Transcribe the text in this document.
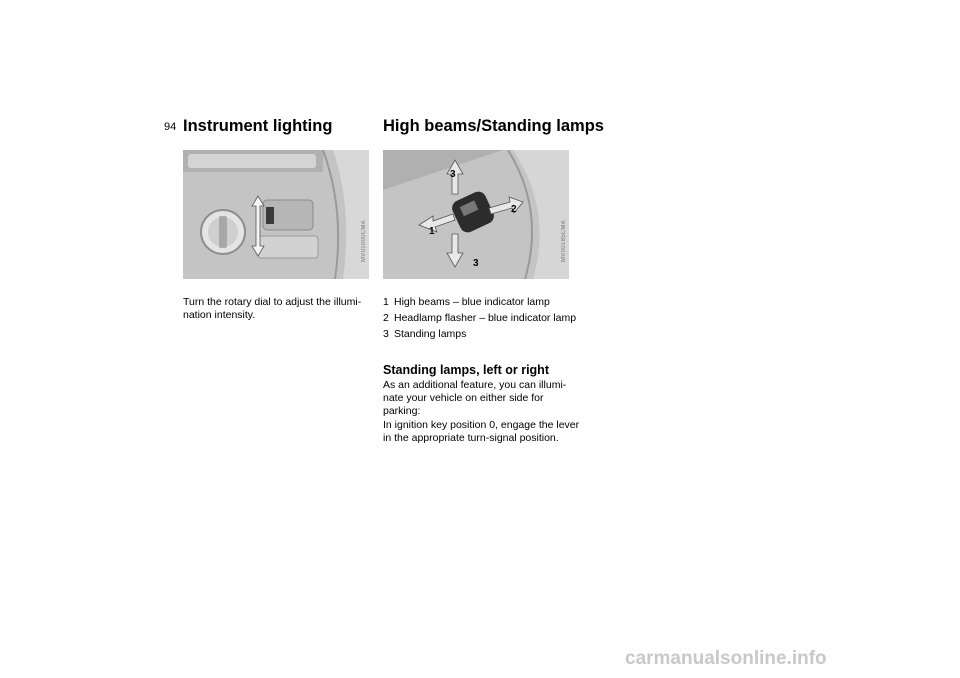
94 Instrument lighting	High beams/Standing lamps
MV01000CMA	1
2
3
3
MV00185CMA
Turn the rotary dial to adjust the illumi-nation intensity.
1 High beams – blue indicator lamp
2 Headlamp flasher – blue indicator lamp
3 Standing lamps
Standing lamps, left or right
As an additional feature, you can illumi-nate your vehicle on either side for parking:
In ignition key position 0, engage the lever in the appropriate turn-signal position.
carmanualsonline.info
